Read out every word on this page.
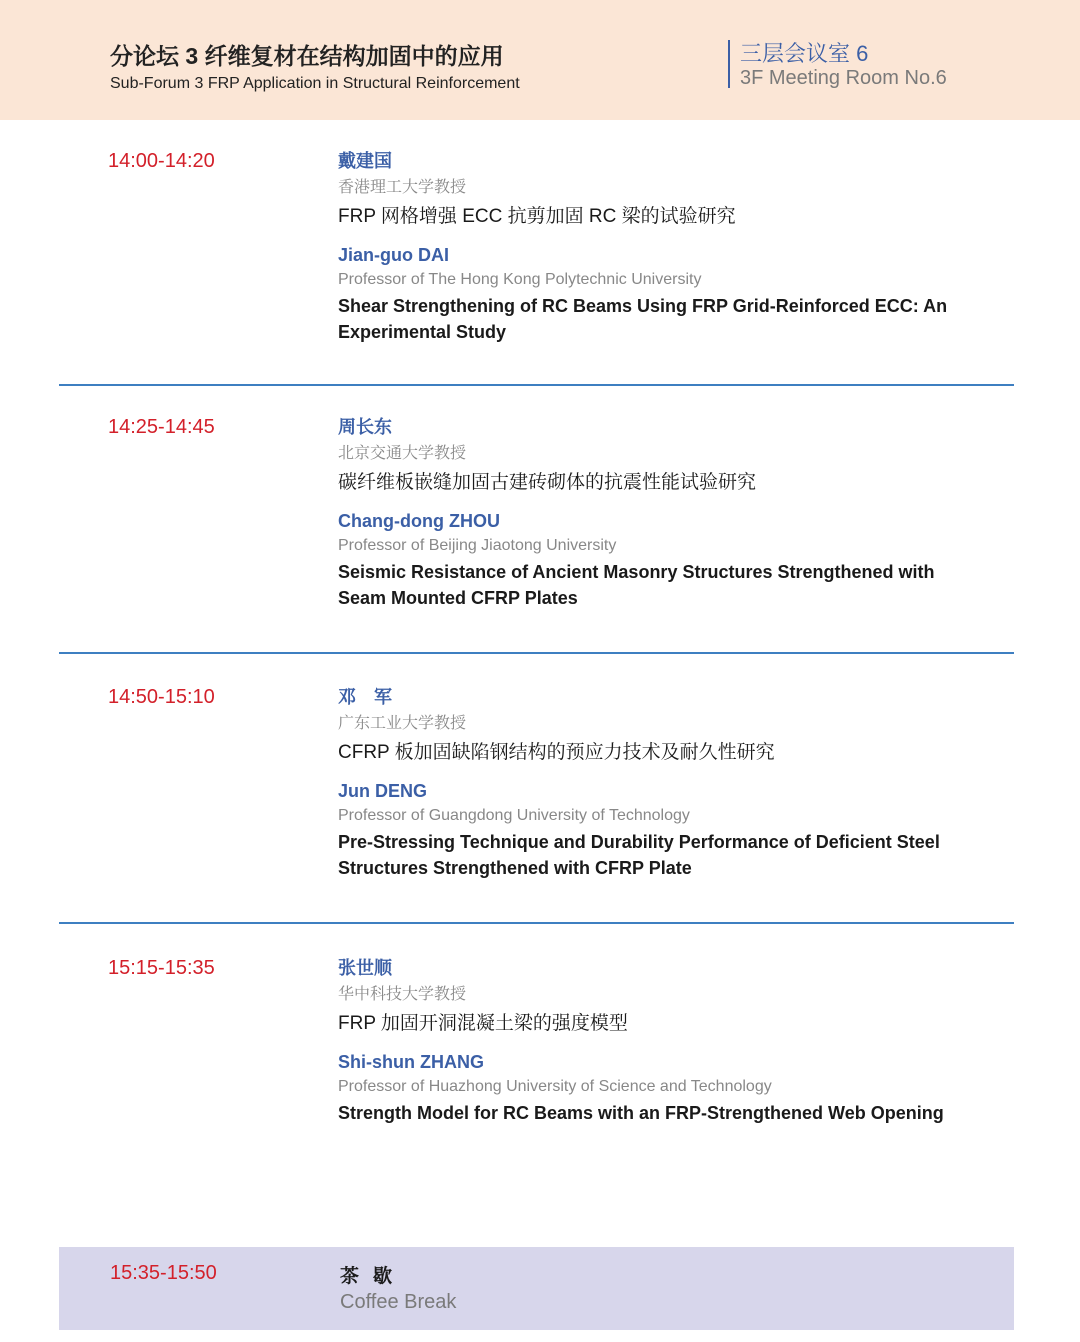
分论坛 3 纤维复材在结构加固中的应用
Sub-Forum 3 FRP Application in Structural Reinforcement
三层会议室 6
3F Meeting Room No.6
14:00-14:20	戴建国
香港理工大学教授
FRP 网格增强 ECC 抗剪加固 RC 梁的试验研究
Jian-guo DAI
Professor of The Hong Kong Polytechnic University
Shear Strengthening of RC Beams Using FRP Grid-Reinforced ECC: An Experimental Study
14:25-14:45	周长东
北京交通大学教授
碳纤维板嵌缝加固古建砖砌体的抗震性能试验研究
Chang-dong ZHOU
Professor of Beijing Jiaotong University
Seismic Resistance of Ancient Masonry Structures Strengthened with Seam Mounted CFRP Plates
14:50-15:10	邓　军
广东工业大学教授
CFRP 板加固缺陷钢结构的预应力技术及耐久性研究
Jun DENG
Professor of Guangdong University of Technology
Pre-Stressing Technique and Durability Performance of Deficient Steel Structures Strengthened with CFRP Plate
15:15-15:35	张世顺
华中科技大学教授
FRP 加固开洞混凝土梁的强度模型
Shi-shun ZHANG
Professor of Huazhong University of Science and Technology
Strength Model for RC Beams with an FRP-Strengthened Web Opening
15:35-15:50	茶歇
Coffee Break
